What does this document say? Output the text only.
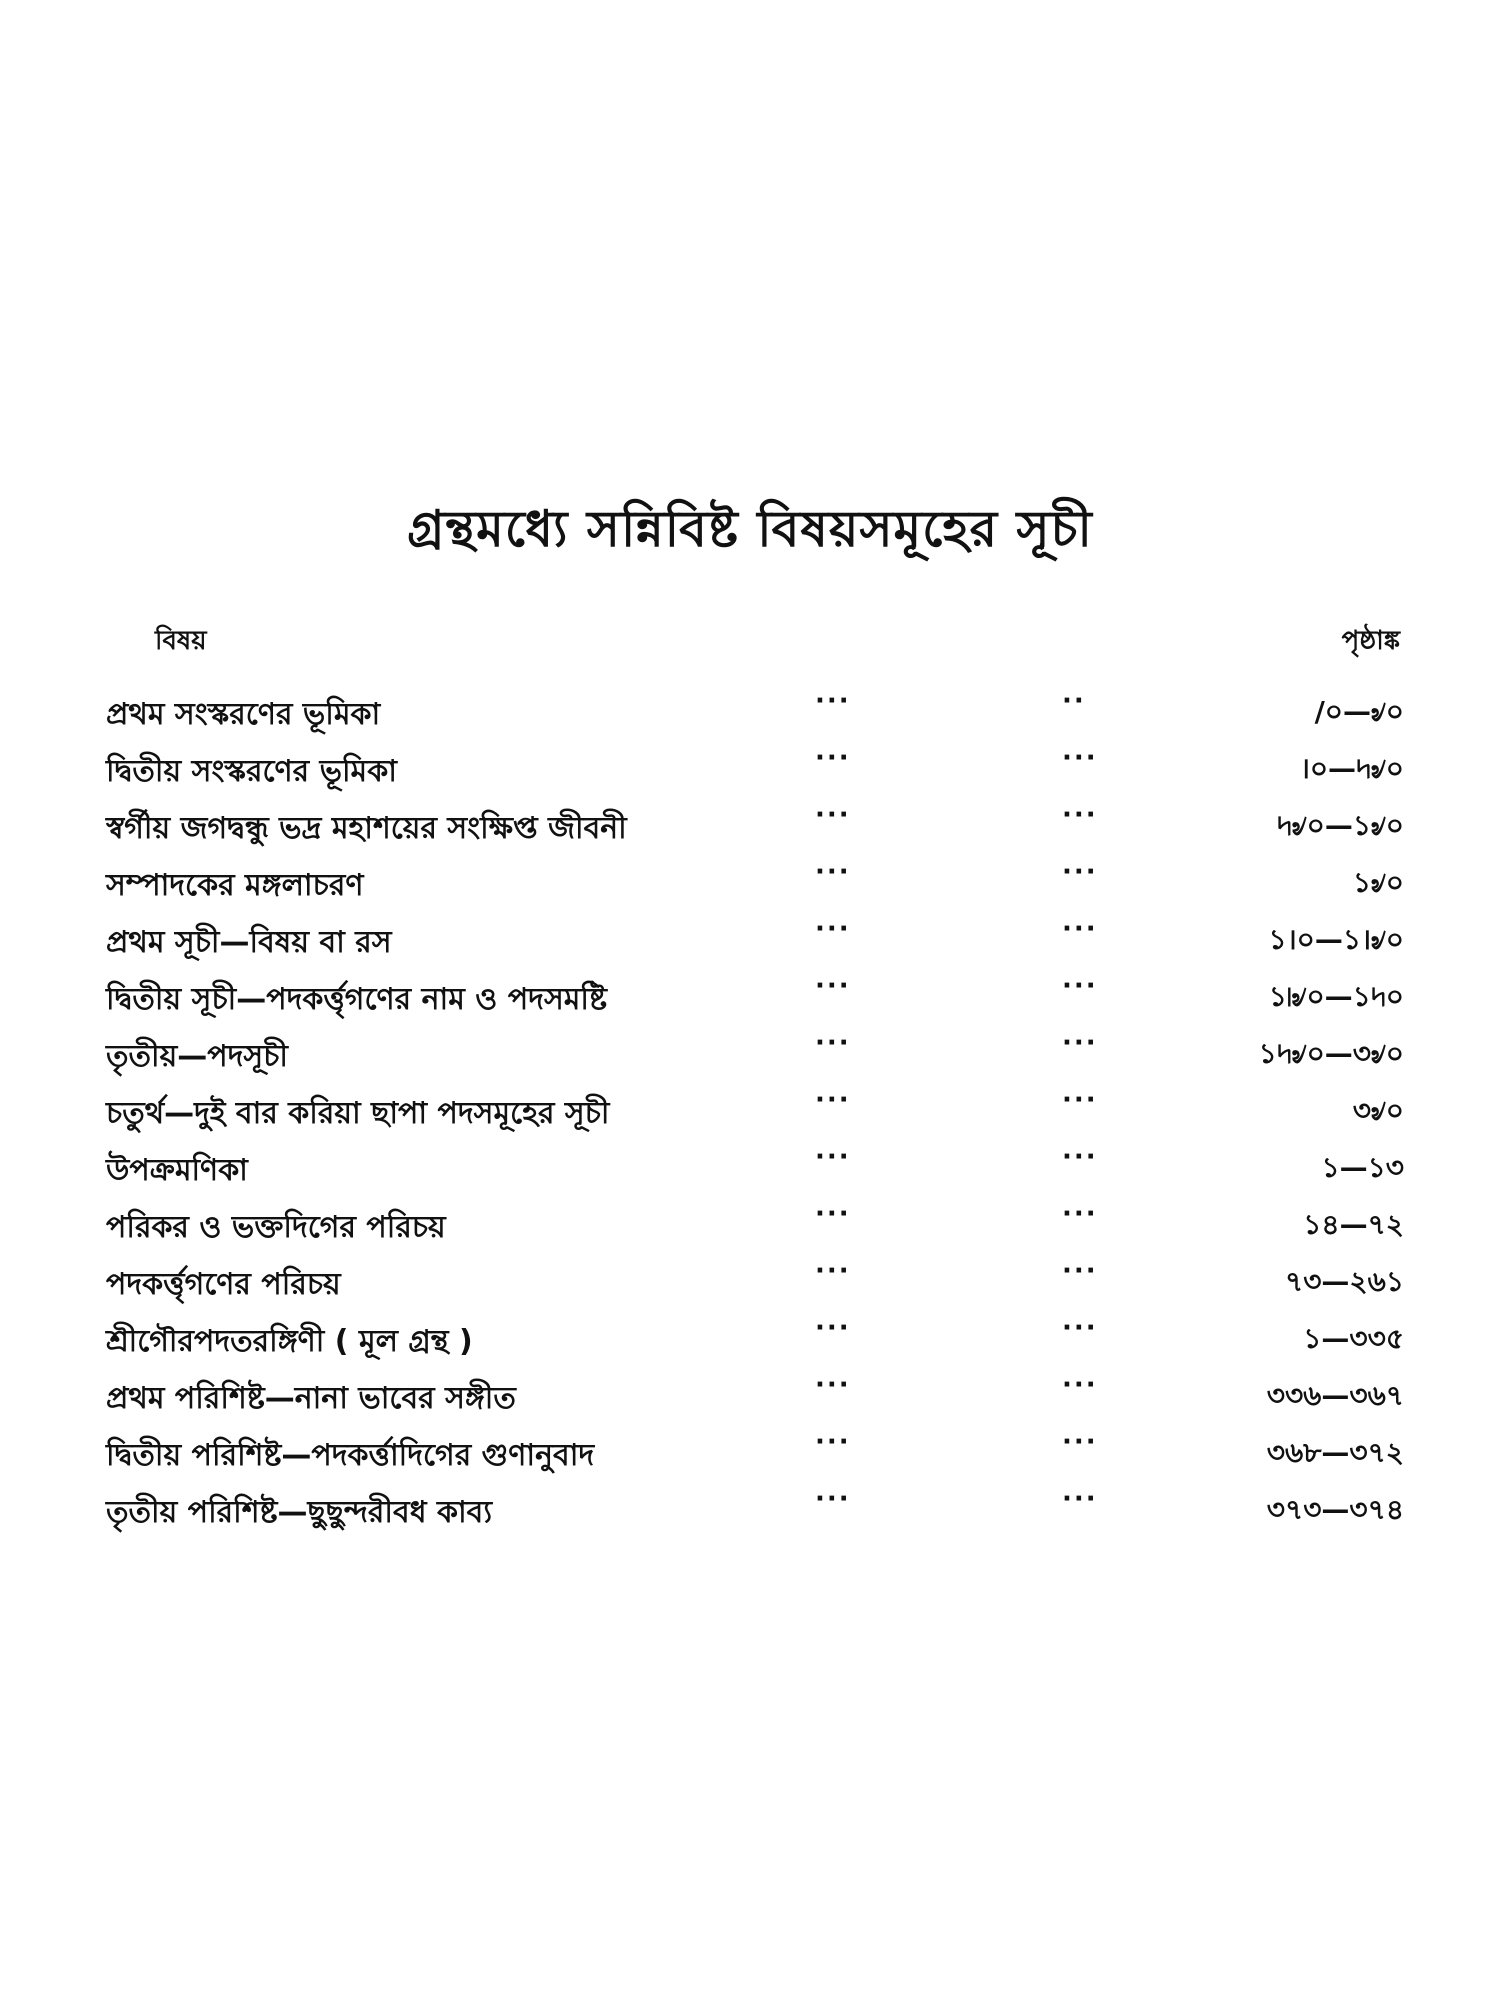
গ্রন্থমধ্যে সন্নিবিষ্ট বিষয়সমূহের সূচী
বিষয়	পৃষ্ঠাঙ্ক
প্রথম সংস্করণের ভূমিকা	···	··	/০—৶০
দ্বিতীয় সংস্করণের ভূমিকা	···	···	।০—৸৶০
স্বর্গীয় জগদ্বন্ধু ভদ্র মহাশয়ের সংক্ষিপ্ত জীবনী	···	···	৸৶০—১৶০
সম্পাদকের মঙ্গলাচরণ	···	···	১৶০
প্রথম সূচী—বিষয় বা রস	···	···	১।০—১।৶০
দ্বিতীয় সূচী—পদকর্ত্তৃগণের নাম ও পদসমষ্টি	···	···	১৷৶০—১৸০
তৃতীয়—পদসূচী	···	···	১৸৶০—৩৶০
চতুর্থ—দুই বার করিয়া ছাপা পদসমূহের সূচী	···	···	৩৶০
উপক্রমণিকা	···	···	১—১৩
পরিকর ও ভক্তদিগের পরিচয়	···	···	১৪—৭২
পদকর্ত্তৃগণের পরিচয়	···	···	৭৩—২৬১
শ্রীগৌরপদতরঙ্গিণী ( মূল গ্রন্থ )	···	···	১—৩৩৫
প্রথম পরিশিষ্ট—নানা ভাবের সঙ্গীত	···	···	৩৩৬—৩৬৭
দ্বিতীয় পরিশিষ্ট—পদকর্ত্তাদিগের গুণানুবাদ	···	···	৩৬৮—৩৭২
তৃতীয় পরিশিষ্ট—ছুছুন্দরীবধ কাব্য	···	···	৩৭৩—৩৭৪
